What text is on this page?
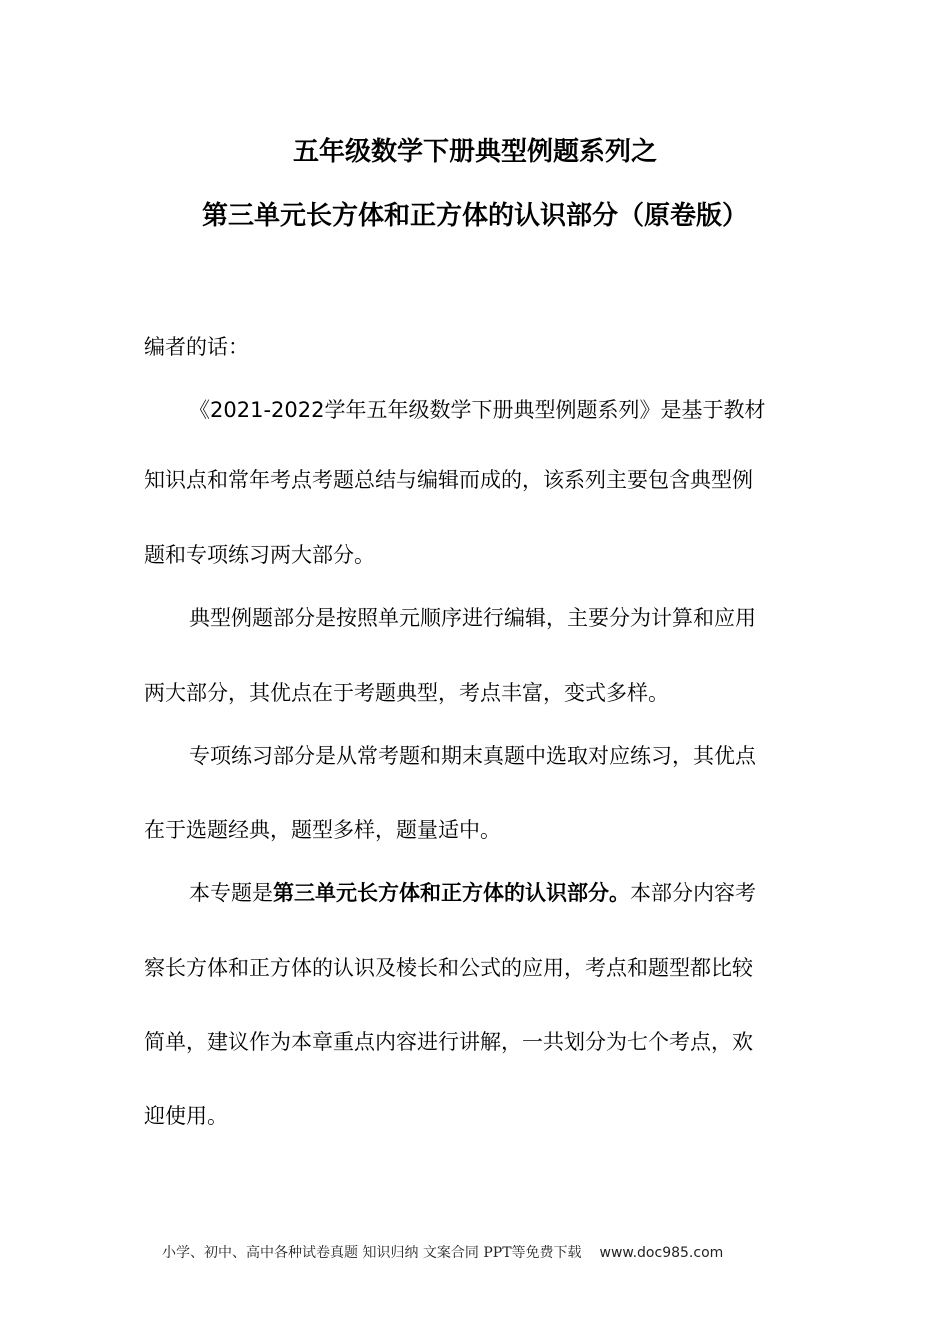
五年级数学下册典型例题系列之
第三单元长方体和正方体的认识部分（原卷版）
编者的话：
《2021-2022学年五年级数学下册典型例题系列》是基于教材
知识点和常年考点考题总结与编辑而成的，该系列主要包含典型例
题和专项练习两大部分。
典型例题部分是按照单元顺序进行编辑，主要分为计算和应用
两大部分，其优点在于考题典型，考点丰富，变式多样。
专项练习部分是从常考题和期末真题中选取对应练习，其优点
在于选题经典，题型多样，题量适中。
本专题是第三单元长方体和正方体的认识部分。本部分内容考
察长方体和正方体的认识及棱长和公式的应用，考点和题型都比较
简单，建议作为本章重点内容进行讲解，一共划分为七个考点，欢
迎使用。
小学、初中、高中各种试卷真题 知识归纳 文案合同 PPT等免费下载 www.doc985.com
